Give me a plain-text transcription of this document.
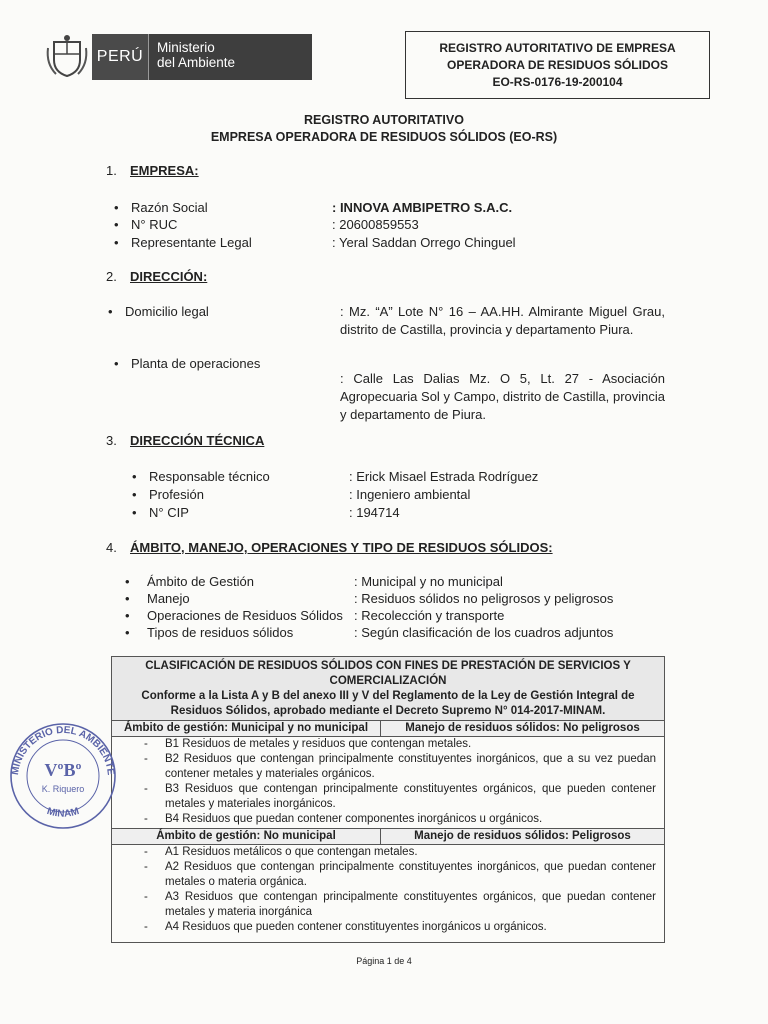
PERÚ
Ministerio
del Ambiente
REGISTRO AUTORITATIVO DE EMPRESA
OPERADORA DE RESIDUOS SÓLIDOS
EO-RS-0176-19-200104
REGISTRO AUTORITATIVO
EMPRESA OPERADORA DE RESIDUOS SÓLIDOS (EO-RS)
1. EMPRESA:
• Razón Social	: INNOVA AMBIPETRO S.A.C.
• N° RUC	: 20600859553
• Representante Legal	: Yeral Saddan Orrego Chinguel
2. DIRECCIÓN:
• Domicilio legal	: Mz. “A” Lote N° 16 – AA.HH. Almirante Miguel Grau, distrito de Castilla, provincia y departamento Piura.
• Planta de operaciones
: Calle Las Dalias Mz. O 5, Lt. 27 - Asociación Agropecuaria Sol y Campo, distrito de Castilla, provincia y departamento de Piura.
3. DIRECCIÓN TÉCNICA
• Responsable técnico	: Erick Misael Estrada Rodríguez
• Profesión	: Ingeniero ambiental
• N° CIP	: 194714
4. ÁMBITO, MANEJO, OPERACIONES Y TIPO DE RESIDUOS SÓLIDOS:
• Ámbito de Gestión	: Municipal y no municipal
• Manejo	: Residuos sólidos no peligrosos y peligrosos
• Operaciones de Residuos Sólidos : Recolección y transporte
• Tipos de residuos sólidos	: Según clasificación de los cuadros adjuntos
CLASIFICACIÓN DE RESIDUOS SÓLIDOS CON FINES DE PRESTACIÓN DE SERVICIOS Y
COMERCIALIZACIÓN
Conforme a la Lista A y B del anexo III y V del Reglamento de la Ley de Gestión Integral de
Residuos Sólidos, aprobado mediante el Decreto Supremo N° 014-2017-MINAM.
Ámbito de gestión: Municipal y no municipal	Manejo de residuos sólidos: No peligrosos
- B1 Residuos de metales y residuos que contengan metales.
- B2 Residuos que contengan principalmente constituyentes inorgánicos, que a su vez puedan contener metales y materiales orgánicos.
- B3 Residuos que contengan principalmente constituyentes orgánicos, que pueden contener metales y materiales inorgánicos.
- B4 Residuos que puedan contener componentes inorgánicos u orgánicos.
Ámbito de gestión: No municipal	Manejo de residuos sólidos: Peligrosos
- A1 Residuos metálicos o que contengan metales.
- A2 Residuos que contengan principalmente constituyentes inorgánicos, que puedan contener metales o materia orgánica.
- A3 Residuos que contengan principalmente constituyentes orgánicos, que puedan contener metales y materia inorgánica
- A4 Residuos que pueden contener constituyentes inorgánicos u orgánicos.
MINISTERIO DEL AMBIENTE
MINAM
VºBº
K. Riquero
Página 1 de 4
